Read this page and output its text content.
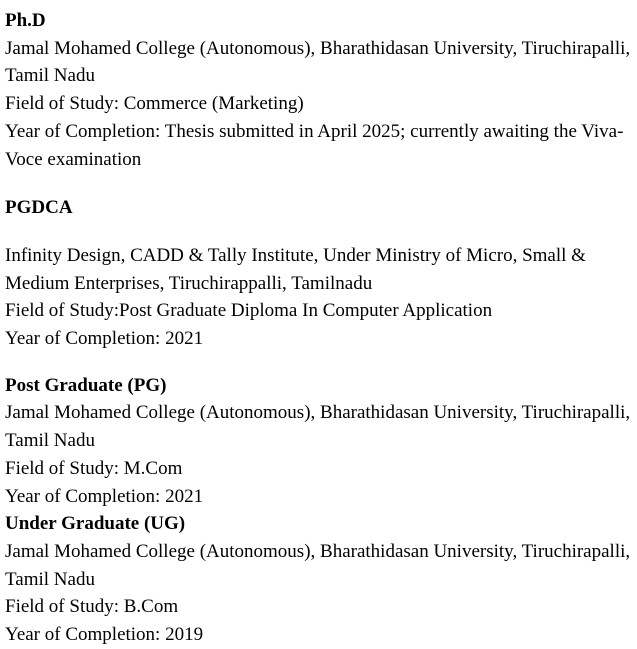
Ph.D
Jamal Mohamed College (Autonomous), Bharathidasan University, Tiruchirapalli, Tamil Nadu
Field of Study: Commerce (Marketing)
Year of Completion: Thesis submitted in April 2025; currently awaiting the Viva-Voce examination
PGDCA
Infinity Design, CADD & Tally Institute, Under Ministry of Micro, Small & Medium Enterprises, Tiruchirappalli, Tamilnadu
Field of Study:Post Graduate Diploma In Computer Application
Year of Completion: 2021
Post Graduate (PG)
Jamal Mohamed College (Autonomous), Bharathidasan University, Tiruchirapalli, Tamil Nadu
Field of Study: M.Com
Year of Completion: 2021
Under Graduate (UG)
Jamal Mohamed College (Autonomous), Bharathidasan University, Tiruchirapalli, Tamil Nadu
Field of Study: B.Com
Year of Completion: 2019
